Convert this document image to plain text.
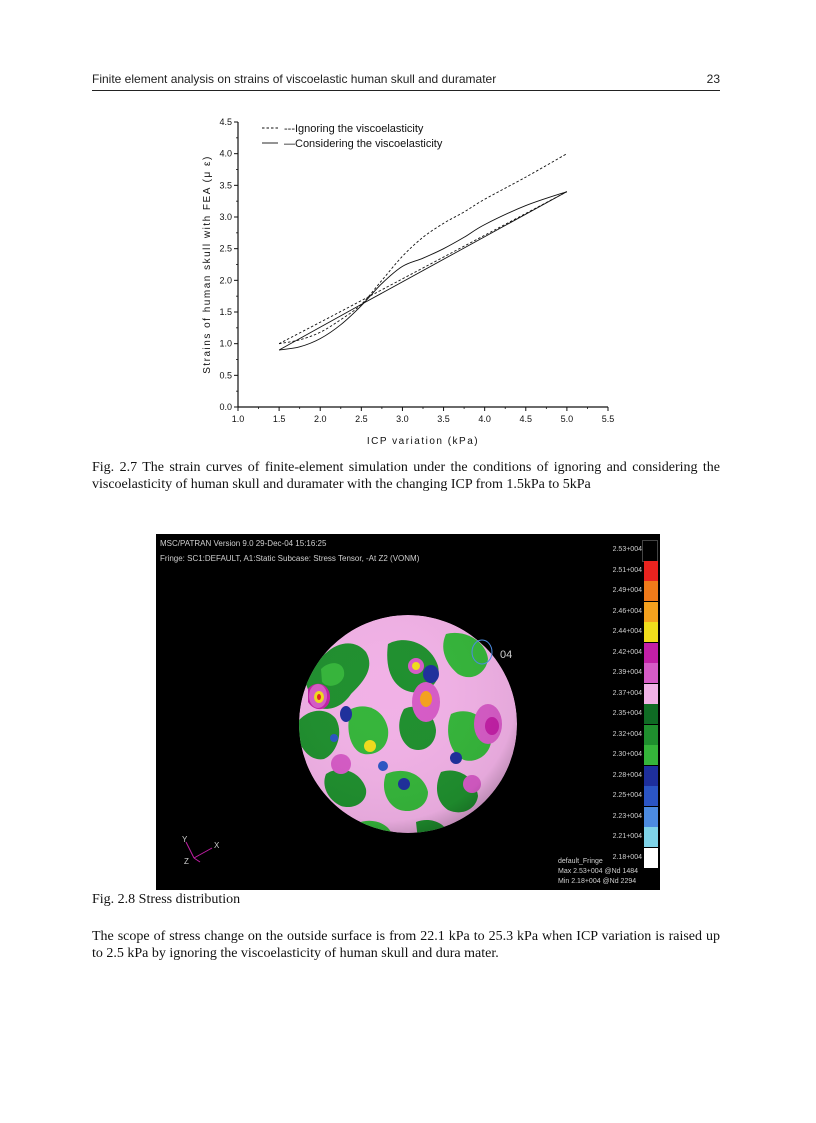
Finite element analysis on strains of viscoelastic human skull and duramater	23
1.0	1.5	2.0	2.5	3.0	3.5	4.0	4.5	5.0	5.5
0.0
0.5
1.0
1.5
2.0
2.5
3.0
3.5
4.0
4.5
ICP variation (kPa)
Strains of human skull with FEA (μ ε)
---Ignoring the viscoelasticity
—Considering the viscoelasticity
Fig. 2.7 The strain curves of finite-element simulation under the conditions of ignoring and considering the viscoelasticity of human skull and duramater with the changing ICP from 1.5kPa to 5kPa
MSC/PATRAN Version 9.0 29-Dec-04 15:16:25
Fringe: SC1:DEFAULT, A1:Static Subcase: Stress Tensor, -At Z2 (VONM)
04
Y
X
Z
2.53+004
2.51+004
2.49+004
2.46+004
2.44+004
2.42+004
2.39+004
2.37+004
2.35+004
2.32+004
2.30+004
2.28+004
2.25+004
2.23+004
2.21+004
2.18+004
default_Fringe
Max 2.53+004 @Nd 1484
Min 2.18+004 @Nd 2294
Fig. 2.8 Stress distribution
The scope of stress change on the outside surface is from 22.1 kPa to 25.3 kPa when ICP variation is raised up to 2.5 kPa by ignoring the viscoelasticity of human skull and dura mater.
